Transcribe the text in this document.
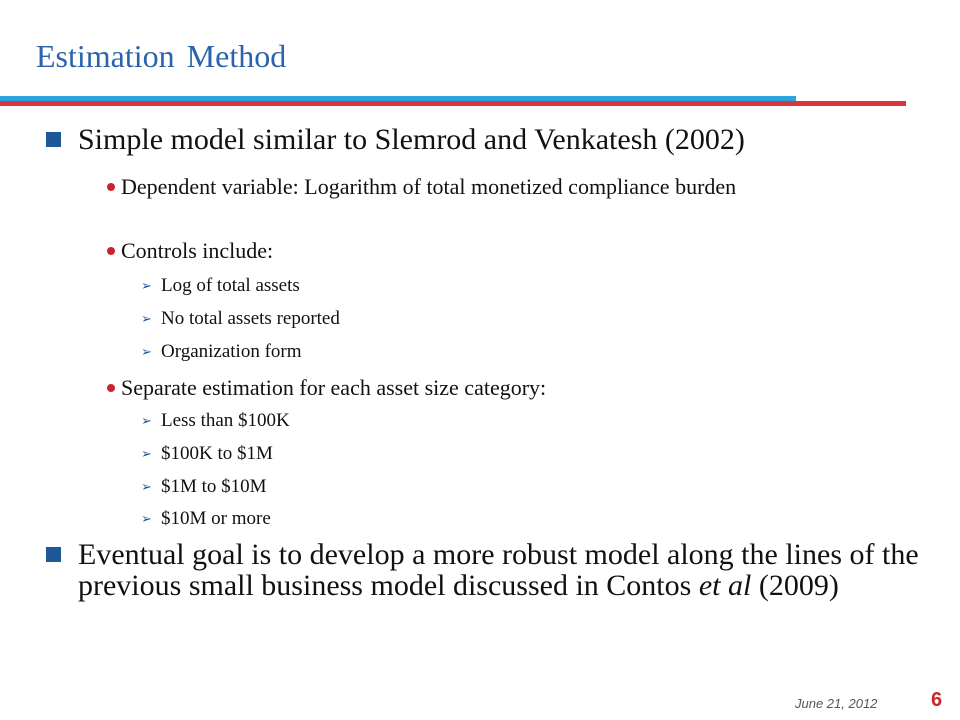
Estimation Method
Simple model similar to Slemrod and Venkatesh (2002)
Dependent variable: Logarithm of total monetized compliance burden
Controls include:
➢ Log of total assets
➢ No total assets reported
➢ Organization form
Separate estimation for each asset size category:
➢ Less than $100K
➢ $100K to $1M
➢ $1M to $10M
➢ $10M or more
Eventual goal is to develop a more robust model along the lines of the previous small business model discussed in Contos et al (2009)
June 21, 2012	6
